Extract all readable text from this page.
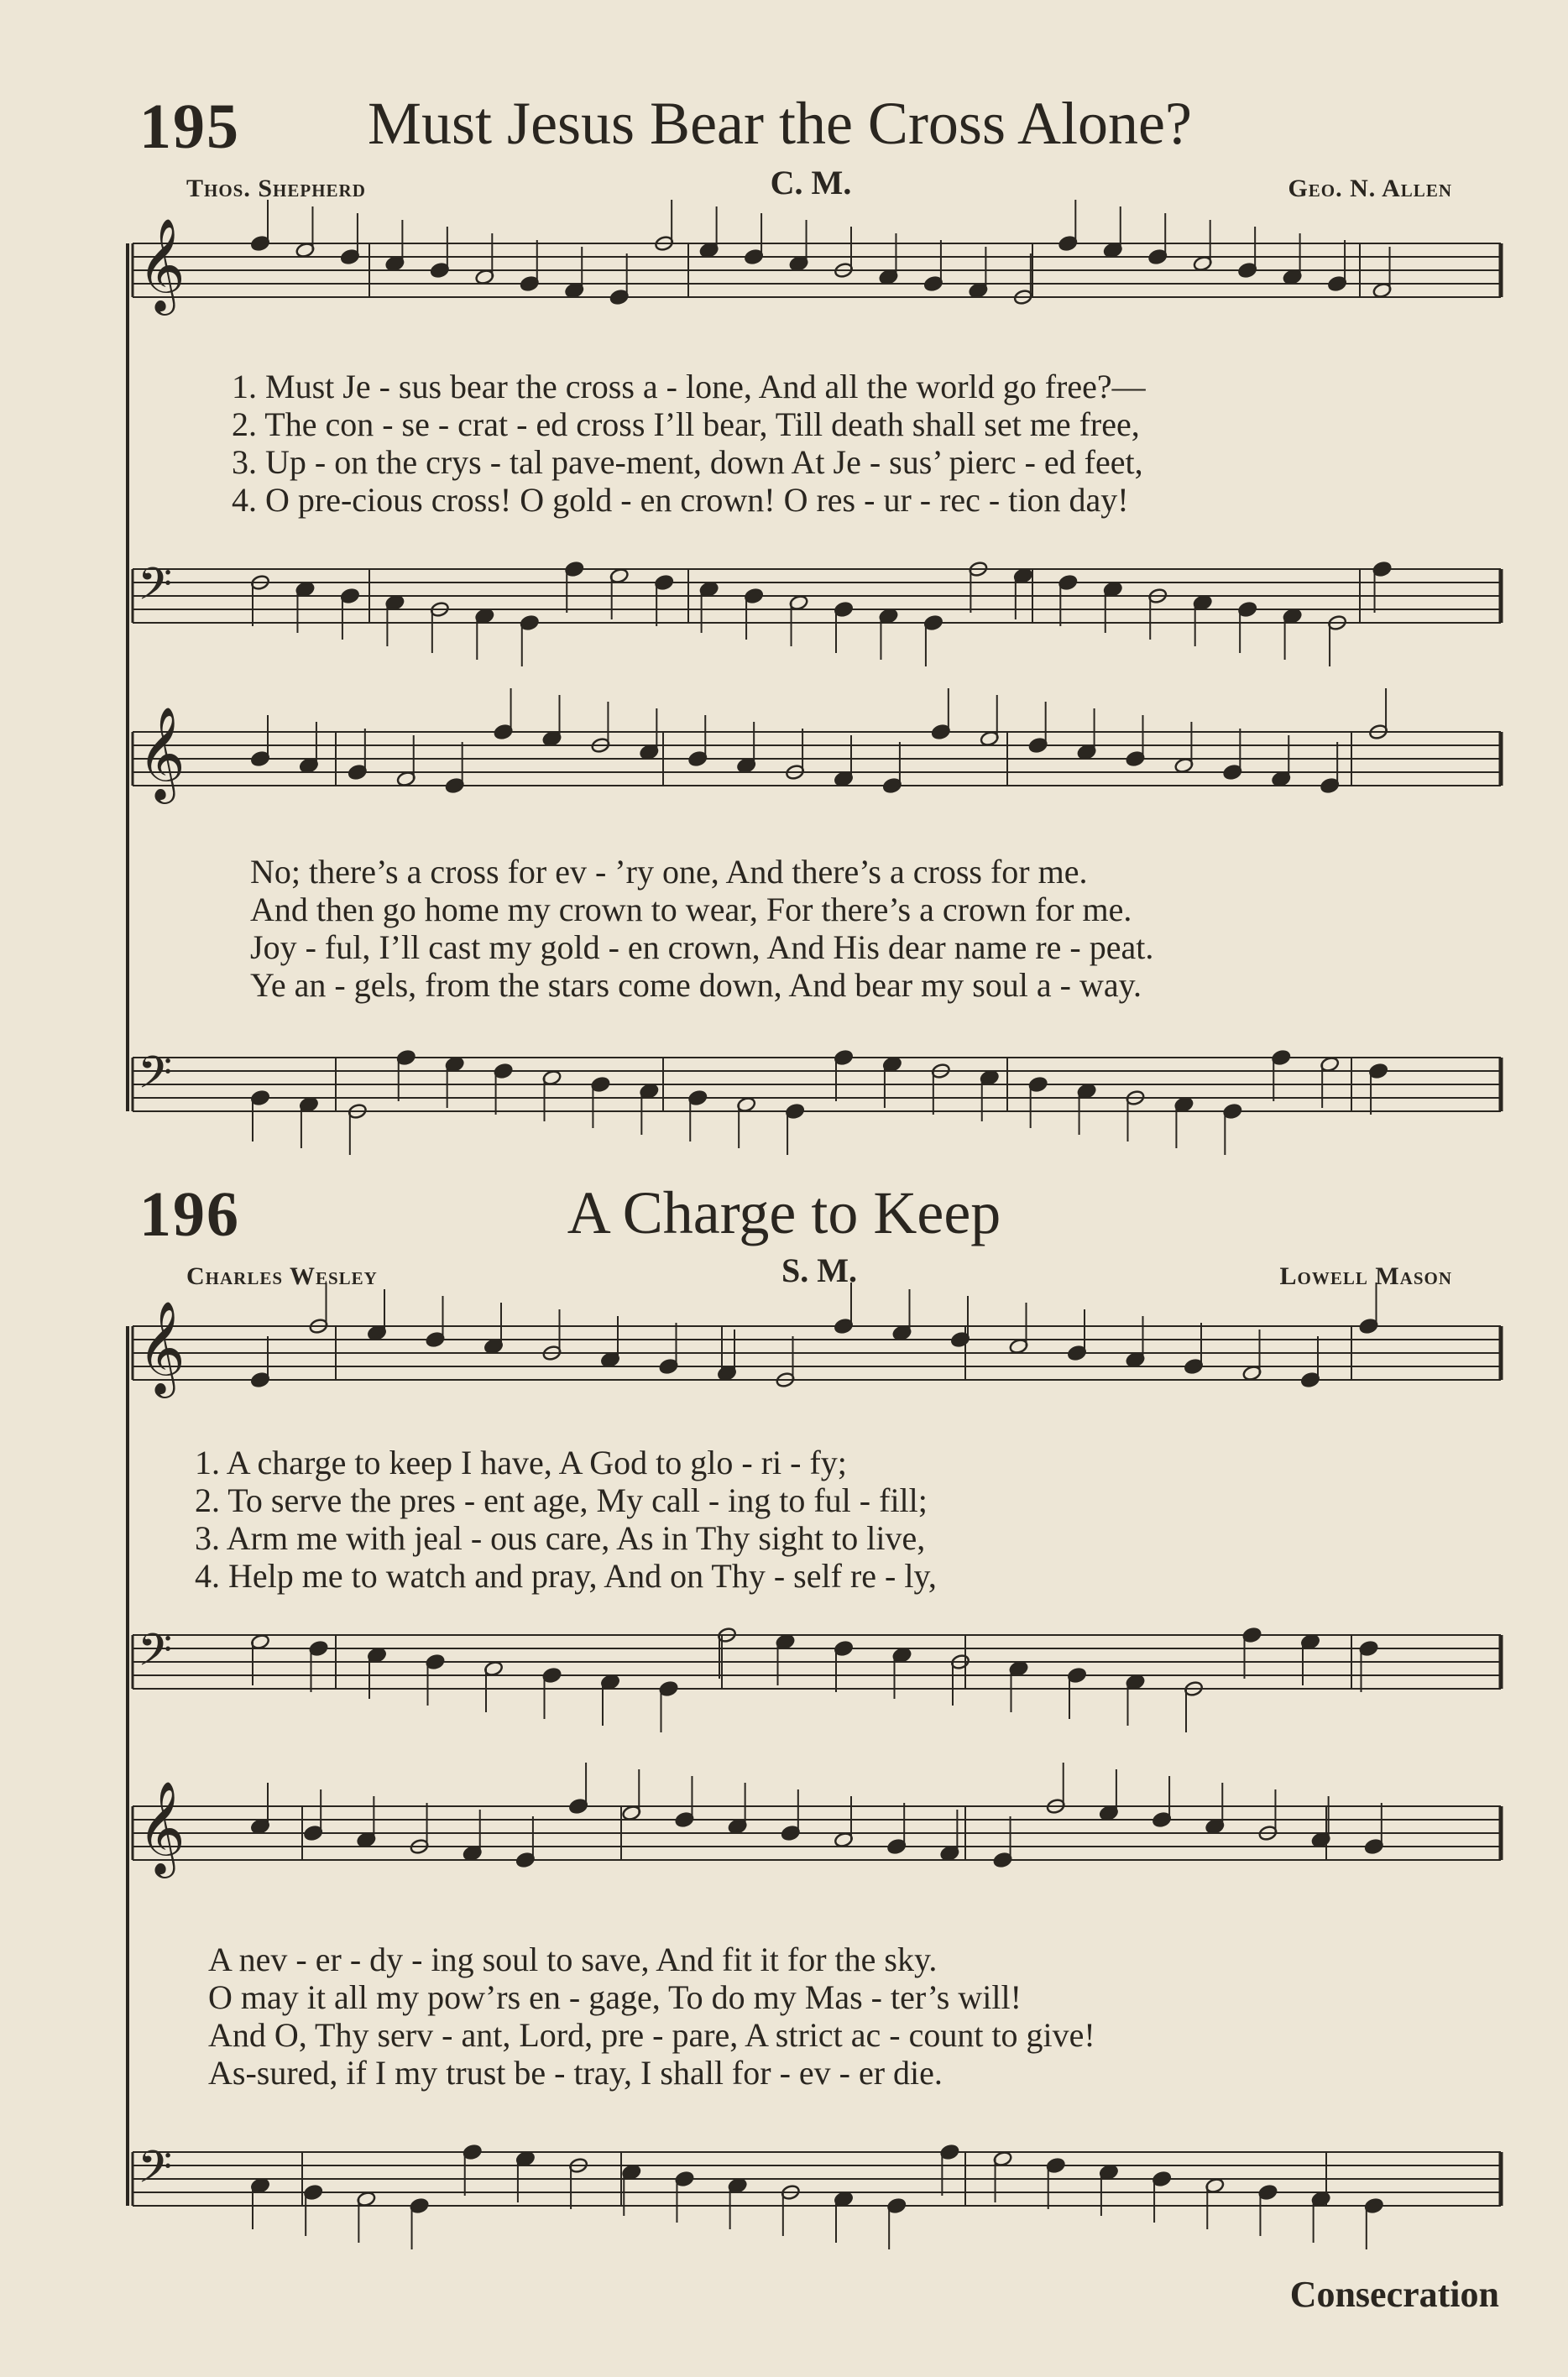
195	Must Jesus Bear the Cross Alone?
Thos. Shepherd	C. M.	Geo. N. Allen
196	A Charge to Keep
Charles Wesley	S. M.	Lowell Mason
𝄞
𝄢
𝄞
𝄢
𝄞
𝄢
𝄞
𝄢
1. Must Je - sus bear the cross a - lone, And all the world go free?—
2. The con - se - crat - ed cross I’ll bear, Till death shall set me free,
3. Up - on the crys - tal pave-ment, down At Je - sus’ pierc - ed feet,
4. O pre-cious cross! O gold - en crown! O res - ur - rec - tion day!
No; there’s a cross for ev - ’ry one, And there’s a cross for me.
And then go home my crown to wear, For there’s a crown for me.
Joy - ful, I’ll cast my gold - en crown, And His dear name re - peat.
Ye an - gels, from the stars come down, And bear my soul a - way.
1. A charge to keep I have, A God to glo - ri - fy;
2. To serve the pres - ent age, My call - ing to ful - fill;
3. Arm me with jeal - ous care, As in Thy sight to live,
4. Help me to watch and pray, And on Thy - self re - ly,
A nev - er - dy - ing soul to save, And fit it for the sky.
O may it all my pow’rs en - gage, To do my Mas - ter’s will!
And O, Thy serv - ant, Lord, pre - pare, A strict ac - count to give!
As-sured, if I my trust be - tray, I shall for - ev - er die.
Consecration
